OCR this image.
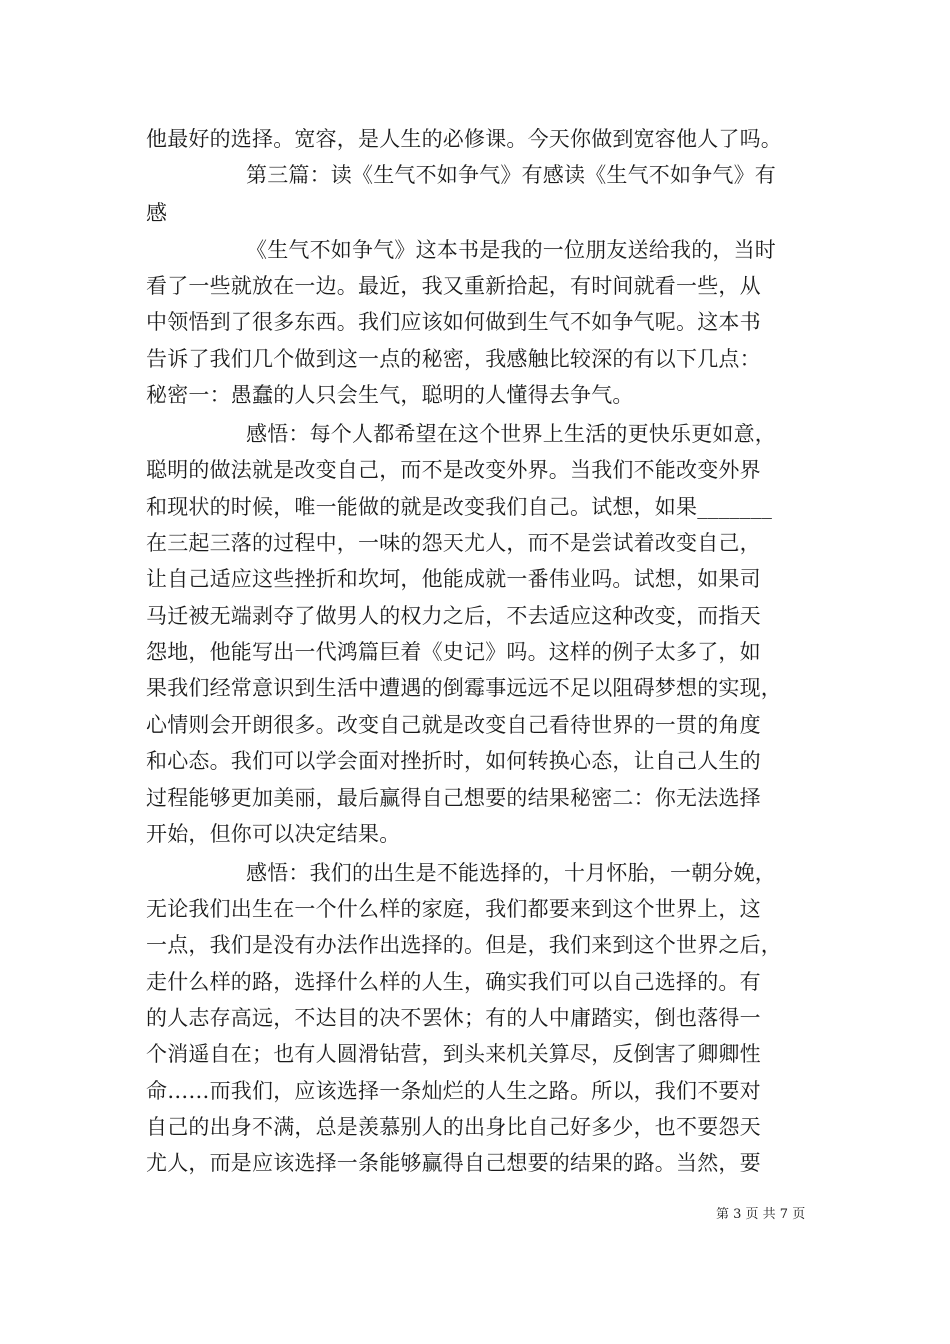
他最好的选择。宽容，是人生的必修课。今天你做到宽容他人了吗。
第三篇：读《生气不如争气》有感读《生气不如争气》有
感
《生气不如争气》这本书是我的一位朋友送给我的，当时
看了一些就放在一边。最近，我又重新拾起，有时间就看一些，从
中领悟到了很多东西。我们应该如何做到生气不如争气呢。这本书
告诉了我们几个做到这一点的秘密，我感触比较深的有以下几点：
秘密一：愚蠢的人只会生气，聪明的人懂得去争气。
感悟：每个人都希望在这个世界上生活的更快乐更如意，
聪明的做法就是改变自己，而不是改变外界。当我们不能改变外界
和现状的时候，唯一能做的就是改变我们自己。试想，如果_______
在三起三落的过程中，一味的怨天尤人，而不是尝试着改变自己，
让自己适应这些挫折和坎坷，他能成就一番伟业吗。试想，如果司
马迁被无端剥夺了做男人的权力之后，不去适应这种改变，而指天
怨地，他能写出一代鸿篇巨着《史记》吗。这样的例子太多了，如
果我们经常意识到生活中遭遇的倒霉事远远不足以阻碍梦想的实现，
心情则会开朗很多。改变自己就是改变自己看待世界的一贯的角度
和心态。我们可以学会面对挫折时，如何转换心态，让自己人生的
过程能够更加美丽，最后赢得自己想要的结果秘密二：你无法选择
开始，但你可以决定结果。
感悟：我们的出生是不能选择的，十月怀胎，一朝分娩，
无论我们出生在一个什么样的家庭，我们都要来到这个世界上，这
一点，我们是没有办法作出选择的。但是，我们来到这个世界之后，
走什么样的路，选择什么样的人生，确实我们可以自己选择的。有
的人志存高远，不达目的决不罢休；有的人中庸踏实，倒也落得一
个消遥自在；也有人圆滑钻营，到头来机关算尽，反倒害了卿卿性
命……而我们，应该选择一条灿烂的人生之路。所以，我们不要对
自己的出身不满，总是羡慕别人的出身比自己好多少，也不要怨天
尤人，而是应该选择一条能够赢得自己想要的结果的路。当然，要
第 3 页 共 7 页
